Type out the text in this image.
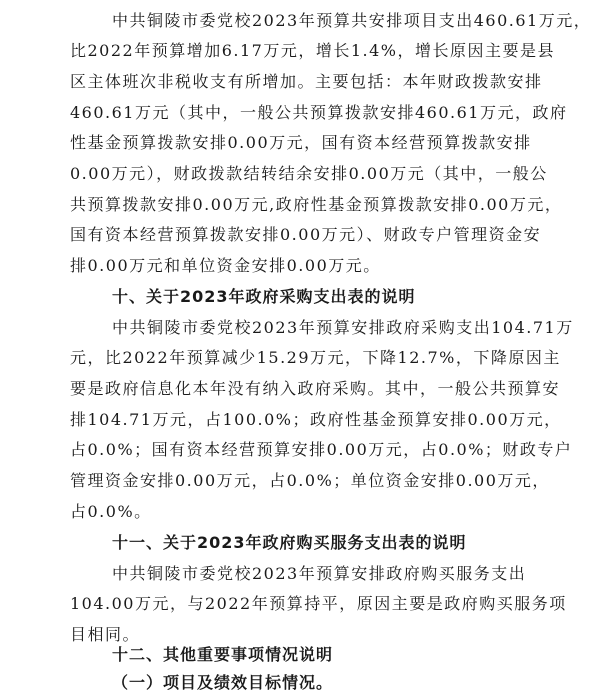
中共铜陵市委党校2023年预算共安排项目支出460.61万元，
比2022年预算增加6.17万元，增长1.4%，增长原因主要是县
区主体班次非税收支有所增加。主要包括：本年财政拨款安排
460.61万元（其中，一般公共预算拨款安排460.61万元，政府
性基金预算拨款安排0.00万元，国有资本经营预算拨款安排
0.00万元），财政拨款结转结余安排0.00万元（其中，一般公
共预算拨款安排0.00万元,政府性基金预算拨款安排0.00万元，
国有资本经营预算拨款安排0.00万元）、财政专户管理资金安
排0.00万元和单位资金安排0.00万元。
十、关于2023年政府采购支出表的说明
中共铜陵市委党校2023年预算安排政府采购支出104.71万
元，比2022年预算减少15.29万元，下降12.7%，下降原因主
要是政府信息化本年没有纳入政府采购。其中，一般公共预算安
排104.71万元，占100.0%；政府性基金预算安排0.00万元，
占0.0%；国有资本经营预算安排0.00万元，占0.0%；财政专户
管理资金安排0.00万元，占0.0%；单位资金安排0.00万元，
占0.0%。
十一、关于2023年政府购买服务支出表的说明
中共铜陵市委党校2023年预算安排政府购买服务支出
104.00万元，与2022年预算持平，原因主要是政府购买服务项
目相同。
十二、其他重要事项情况说明
（一）项目及绩效目标情况。
